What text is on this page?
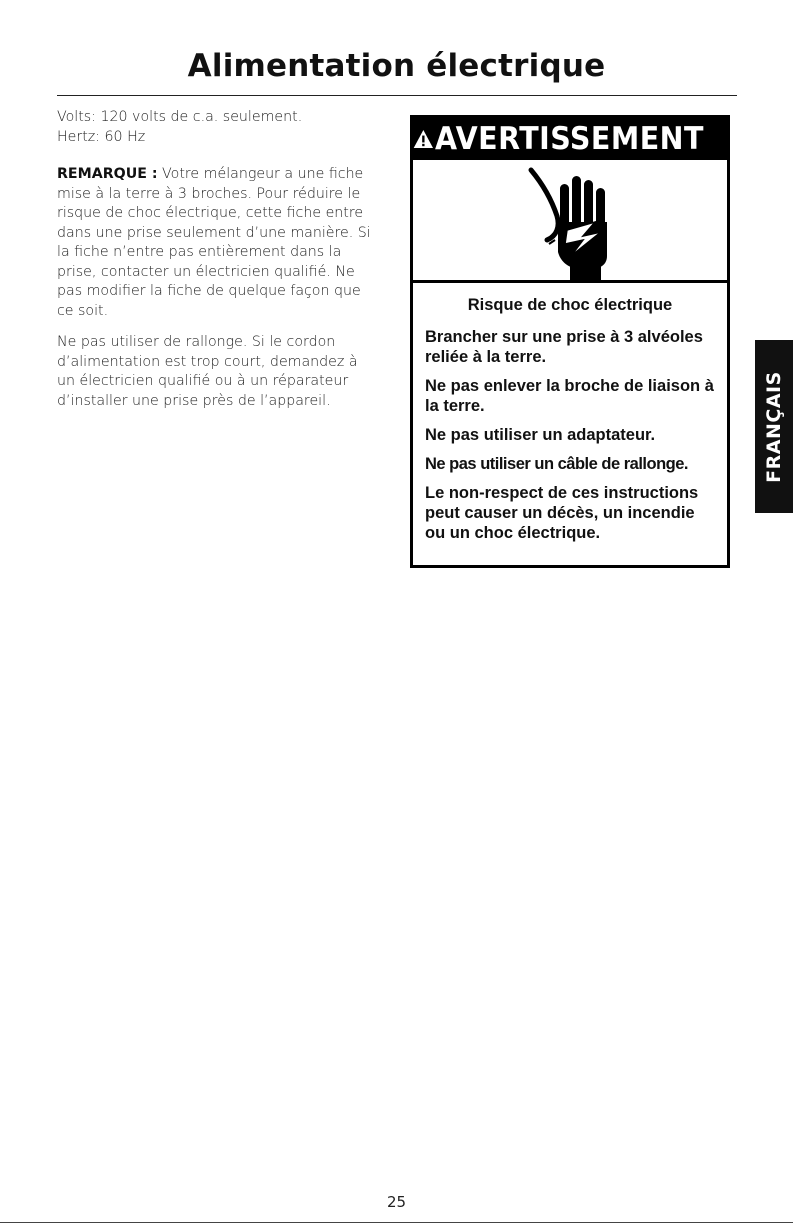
Alimentation électrique

Volts: 120 volts de c.a. seulement.

Hertz: 60 Hz

REMARQUE : Votre mélangeur a une fiche mise à la terre à 3 broches. Pour réduire le risque de choc électrique, cette fiche entre dans une prise seulement d’une manière. Si la fiche n’entre pas entièrement dans la prise, contacter un électricien qualifié. Ne pas modifier la fiche de quelque façon que ce soit.

Ne pas utiliser de rallonge. Si le cordon d’alimentation est trop court, demandez à un électricien qualifié ou à un réparateur d’installer une prise près de l’appareil.

AVERTISSEMENT

Risque de choc électrique

Brancher sur une prise à 3 alvéoles reliée à la terre.

Ne pas enlever la broche de liaison à la terre.

Ne pas utiliser un adaptateur.

Ne pas utiliser un câble de rallonge.

Le non-respect de ces instructions peut causer un décès, un incendie ou un choc électrique.

FRANÇAIS
25
